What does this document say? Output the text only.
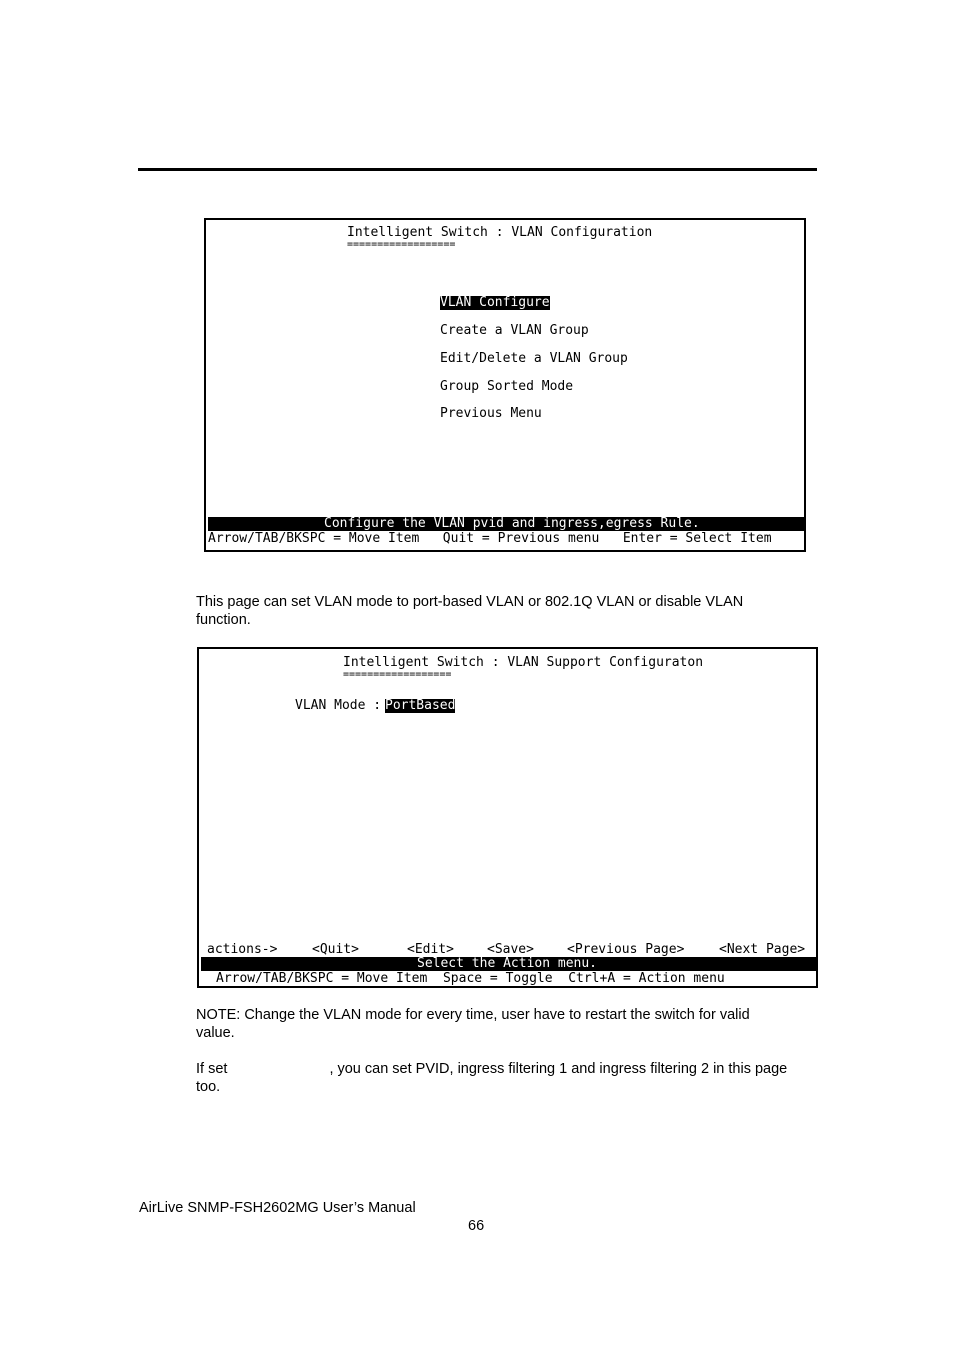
Intelligent Switch : VLAN Configuration
==================
VLAN Configure
Create a VLAN Group
Edit/Delete a VLAN Group
Group Sorted Mode
Previous Menu
Configure the VLAN pvid and ingress,egress Rule.
Arrow/TAB/BKSPC = Move Item   Quit = Previous menu   Enter = Select Item
This page can set VLAN mode to port-based VLAN or 802.1Q VLAN or disable VLAN
function.
Intelligent Switch : VLAN Support Configuraton
==================
VLAN Mode : PortBased
actions->	<Quit>	<Edit>	<Save>	<Previous Page>	<Next Page>
Select the Action menu.
Arrow/TAB/BKSPC = Move Item  Space = Toggle  Ctrl+A = Action menu
NOTE: Change the VLAN mode for every time, user have to restart the switch for valid
value.
If set	, you can set PVID, ingress filtering 1 and ingress filtering 2 in this page
too.
AirLive SNMP-FSH2602MG User’s Manual
66
